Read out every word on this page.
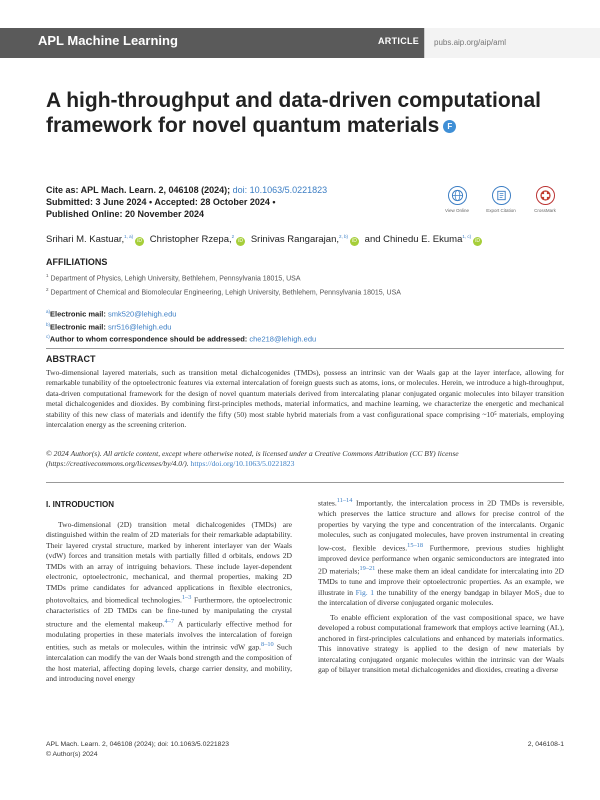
APL Machine Learning	ARTICLE pubs.aip.org/aip/aml
A high-throughput and data-driven computational framework for novel quantum materials F
Cite as: APL Mach. Learn. 2, 046108 (2024); doi: 10.1063/5.0221823
Submitted: 3 June 2024 • Accepted: 28 October 2024 •
Published Online: 20 November 2024	View Online	Export Citation	CrossMark
Srihari M. Kastuar,$^{1, a)}$iD Christopher Rzepa,$^2$iD Srinivas Rangarajan,$^{2, b)}$iD and Chinedu E. Ekuma$^{1, c)}$iD
AFFILIATIONS
$^1$ Department of Physics, Lehigh University, Bethlehem, Pennsylvania 18015, USA
$^2$ Department of Chemical and Biomolecular Engineering, Lehigh University, Bethlehem, Pennsylvania 18015, USA
$^{a)}$Electronic mail: smk520@lehigh.edu
$^{b)}$Electronic mail: srr516@lehigh.edu
$^{c)}$Author to whom correspondence should be addressed: che218@lehigh.edu
ABSTRACT
Two-dimensional layered materials, such as transition metal dichalcogenides (TMDs), possess an intrinsic van der Waals gap at the layer interface, allowing for remarkable tunability of the optoelectronic features via external intercalation of foreign guests such as atoms, ions, or molecules. Herein, we introduce a high-throughput, data-driven computational framework for the design of novel quantum materials derived from intercalating planar conjugated organic molecules into bilayer transition metal dichalcogenides and dioxides. By combining first-principles methods, material informatics, and machine learning, we characterize the energetic and mechanical stability of this new class of materials and identify the fifty (50) most stable hybrid materials from a vast configurational space comprising ~10⁵ materials, employing intercalation energy as the screening criterion.
© 2024 Author(s). All article content, except where otherwise noted, is licensed under a Creative Commons Attribution (CC BY) license (https://creativecommons.org/licenses/by/4.0/). https://doi.org/10.1063/5.0221823
I. INTRODUCTION
Two-dimensional (2D) transition metal dichalcogenides (TMDs) are distinguished within the realm of 2D materials for their remarkable adaptability. Their layered crystal structure, marked by inherent interlayer van der Waals (vdW) forces and transition metals with partially filled d orbitals, endows 2D TMDs with an array of intriguing behaviors. These include layer-dependent electronic, optoelectronic, mechanical, and thermal properties, making 2D TMDs prime candidates for advanced applications in flexible electronics, photovoltaics, and biomedical technologies.$^{1-3}$ Furthermore, the optoelectronic characteristics of 2D TMDs can be fine-tuned by manipulating the crystal structure and the elemental makeup.$^{4-7}$ A particularly effective method for modulating properties in these materials involves the intercalation of foreign entities, such as metals or molecules, within the intrinsic vdW gap.$^{8-10}$ Such intercalation can modify the van der Waals bond strength and the composition of the host material, affecting doping levels, charge carrier density, and mobility, and introducing novel energy
states.$^{11-14}$ Importantly, the intercalation process in 2D TMDs is reversible, which preserves the lattice structure and allows for precise control of the properties by varying the type and concentration of the intercalants. Organic molecules, such as conjugated molecules, have proven instrumental in creating low-cost, flexible devices.$^{15-18}$ Furthermore, previous studies highlight improved device performance when organic semiconductors are integrated into 2D materials;$^{19-21}$ these make them an ideal candidate for intercalating into 2D TMDs to tune and improve their optoelectronic properties. As an example, we illustrate in Fig. 1 the tunability of the energy bandgap in bilayer MoS₂ due to the intercalation of diverse conjugated organic molecules.
To enable efficient exploration of the vast compositional space, we have developed a robust computational framework that employs active learning (AL), anchored in first-principles calculations and enhanced by materials informatics. This innovative strategy is applied to the design of new materials by intercalating conjugated organic molecules within the intrinsic van der Waals gap of bilayer transition metal dichalcogenides and dioxides, creating a diverse
APL Mach. Learn. 2, 046108 (2024); doi: 10.1063/5.0221823
© Author(s) 2024
2, 046108-1
